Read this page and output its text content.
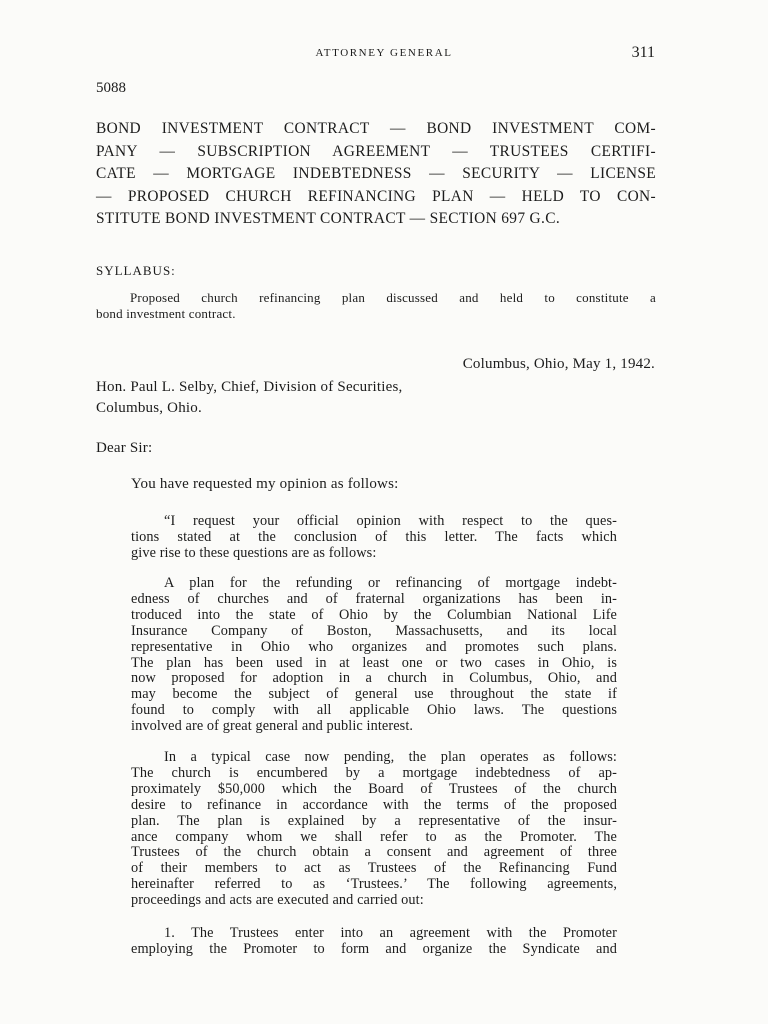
ATTORNEY GENERAL	311
5088
BOND INVESTMENT CONTRACT — BOND INVESTMENT COM-
PANY — SUBSCRIPTION AGREEMENT — TRUSTEES CERTIFI-
CATE — MORTGAGE INDEBTEDNESS — SECURITY — LICENSE
— PROPOSED CHURCH REFINANCING PLAN — HELD TO CON-
STITUTE BOND INVESTMENT CONTRACT — SECTION 697 G.C.
SYLLABUS:
Proposed church refinancing plan discussed and held to constitute a
bond investment contract.
Columbus, Ohio, May 1, 1942.
Hon. Paul L. Selby, Chief, Division of Securities,
Columbus, Ohio.
Dear Sir:
You have requested my opinion as follows:
“I request your official opinion with respect to the ques-
tions stated at the conclusion of this letter. The facts which
give rise to these questions are as follows:
A plan for the refunding or refinancing of mortgage indebt-
edness of churches and of fraternal organizations has been in-
troduced into the state of Ohio by the Columbian National Life
Insurance Company of Boston, Massachusetts, and its local
representative in Ohio who organizes and promotes such plans.
The plan has been used in at least one or two cases in Ohio, is
now proposed for adoption in a church in Columbus, Ohio, and
may become the subject of general use throughout the state if
found to comply with all applicable Ohio laws. The questions
involved are of great general and public interest.
In a typical case now pending, the plan operates as follows:
The church is encumbered by a mortgage indebtedness of ap-
proximately $50,000 which the Board of Trustees of the church
desire to refinance in accordance with the terms of the proposed
plan. The plan is explained by a representative of the insur-
ance company whom we shall refer to as the Promoter. The
Trustees of the church obtain a consent and agreement of three
of their members to act as Trustees of the Refinancing Fund
hereinafter referred to as ‘Trustees.’ The following agreements,
proceedings and acts are executed and carried out:
1. The Trustees enter into an agreement with the Promoter
employing the Promoter to form and organize the Syndicate and
